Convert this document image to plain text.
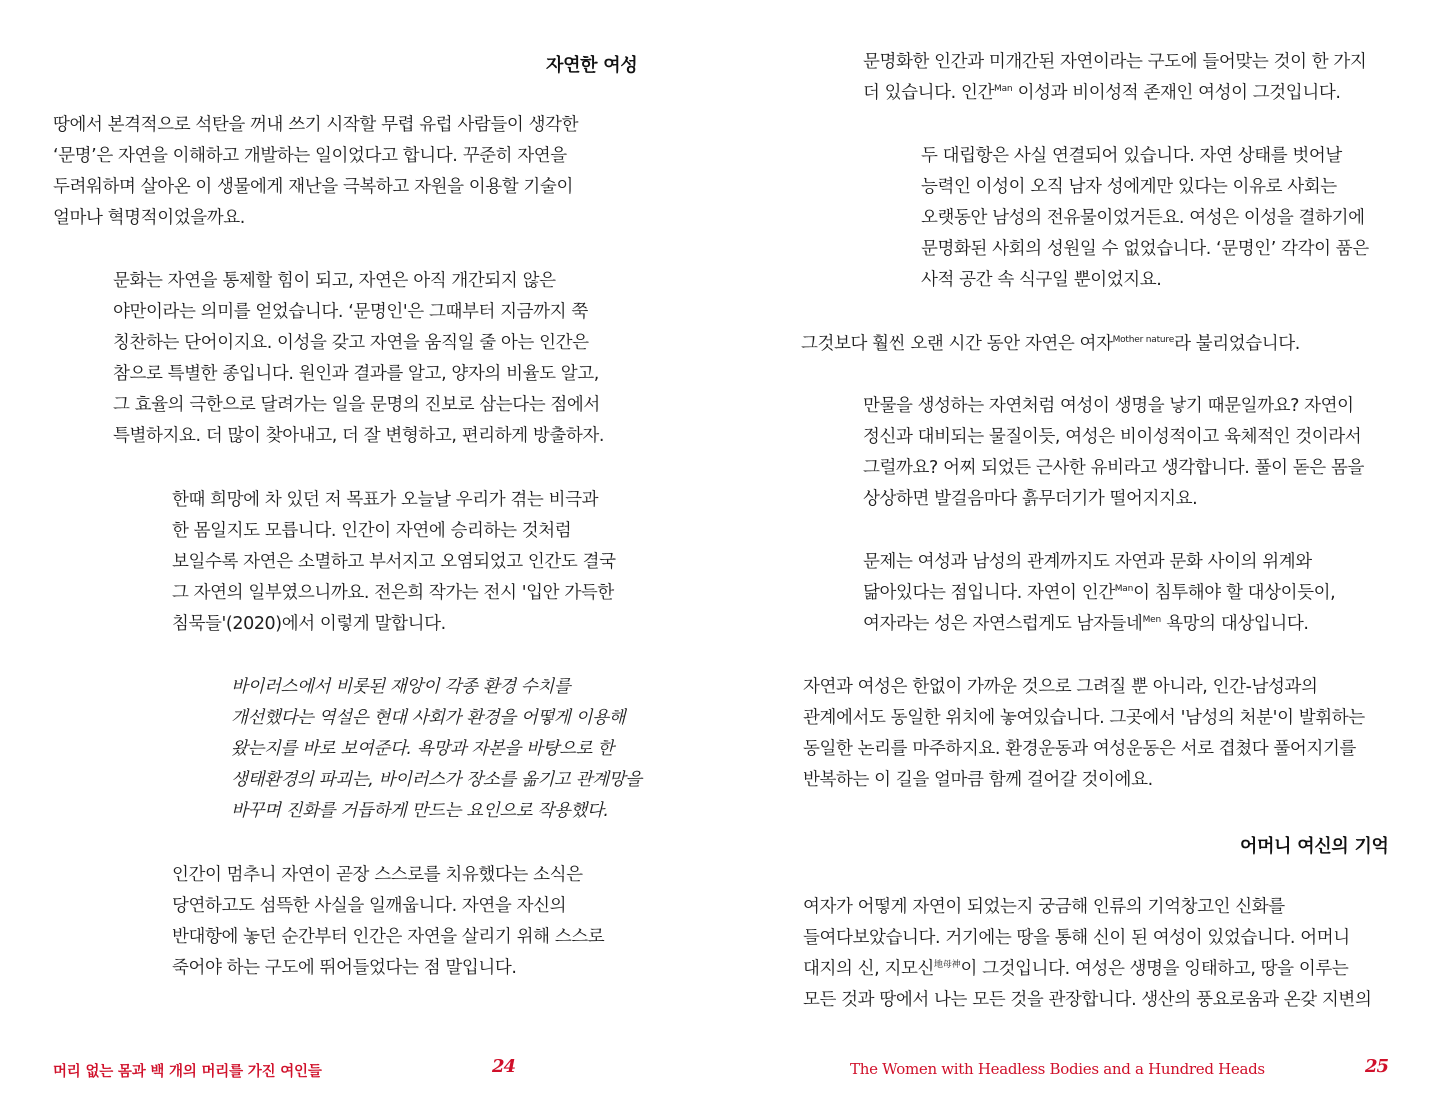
자연한 여성
땅에서 본격적으로 석탄을 꺼내 쓰기 시작할 무렵 유럽 사람들이 생각한
‘문명’은 자연을 이해하고 개발하는 일이었다고 합니다. 꾸준히 자연을
두려워하며 살아온 이 생물에게 재난을 극복하고 자원을 이용할 기술이
얼마나 혁명적이었을까요.
문화는 자연을 통제할 힘이 되고, 자연은 아직 개간되지 않은
야만이라는 의미를 얻었습니다. ‘문명인'은 그때부터 지금까지 쭉
칭찬하는 단어이지요. 이성을 갖고 자연을 움직일 줄 아는 인간은
참으로 특별한 종입니다. 원인과 결과를 알고, 양자의 비율도 알고,
그 효율의 극한으로 달려가는 일을 문명의 진보로 삼는다는 점에서
특별하지요. 더 많이 찾아내고, 더 잘 변형하고, 편리하게 방출하자.
한때 희망에 차 있던 저 목표가 오늘날 우리가 겪는 비극과
한 몸일지도 모릅니다. 인간이 자연에 승리하는 것처럼
보일수록 자연은 소멸하고 부서지고 오염되었고 인간도 결국
그 자연의 일부였으니까요. 전은희 작가는 전시 '입안 가득한
침묵들'(2020)에서 이렇게 말합니다.
바이러스에서 비롯된 재앙이 각종 환경 수치를
개선했다는 역설은 현대 사회가 환경을 어떻게 이용해
왔는지를 바로 보여준다. 욕망과 자본을 바탕으로 한
생태환경의 파괴는, 바이러스가 장소를 옮기고 관계망을
바꾸며 진화를 거듭하게 만드는 요인으로 작용했다.
인간이 멈추니 자연이 곧장 스스로를 치유했다는 소식은
당연하고도 섬뜩한 사실을 일깨웁니다. 자연을 자신의
반대항에 놓던 순간부터 인간은 자연을 살리기 위해 스스로
죽어야 하는 구도에 뛰어들었다는 점 말입니다.
머리 없는 몸과 백 개의 머리를 가진 여인들	24
문명화한 인간과 미개간된 자연이라는 구도에 들어맞는 것이 한 가지
더 있습니다. 인간$^{Man}$ 이성과 비이성적 존재인 여성이 그것입니다.
두 대립항은 사실 연결되어 있습니다. 자연 상태를 벗어날
능력인 이성이 오직 남자 성에게만 있다는 이유로 사회는
오랫동안 남성의 전유물이었거든요. 여성은 이성을 결하기에
문명화된 사회의 성원일 수 없었습니다. ‘문명인’ 각각이 품은
사적 공간 속 식구일 뿐이었지요.
그것보다 훨씬 오랜 시간 동안 자연은 여자$^{Mother nature}$라 불리었습니다.
만물을 생성하는 자연처럼 여성이 생명을 낳기 때문일까요? 자연이
정신과 대비되는 물질이듯, 여성은 비이성적이고 육체적인 것이라서
그럴까요? 어찌 되었든 근사한 유비라고 생각합니다. 풀이 돋은 몸을
상상하면 발걸음마다 흙무더기가 떨어지지요.
문제는 여성과 남성의 관계까지도 자연과 문화 사이의 위계와
닮아있다는 점입니다. 자연이 인간$^{Man}$이 침투해야 할 대상이듯이,
여자라는 성은 자연스럽게도 남자들네$^{Men}$ 욕망의 대상입니다.
자연과 여성은 한없이 가까운 것으로 그려질 뿐 아니라, 인간-남성과의
관계에서도 동일한 위치에 놓여있습니다. 그곳에서 '남성의 처분'이 발휘하는
동일한 논리를 마주하지요. 환경운동과 여성운동은 서로 겹쳤다 풀어지기를
반복하는 이 길을 얼마큼 함께 걸어갈 것이에요.
어머니 여신의 기억
여자가 어떻게 자연이 되었는지 궁금해 인류의 기억창고인 신화를
들여다보았습니다. 거기에는 땅을 통해 신이 된 여성이 있었습니다. 어머니
대지의 신, 지모신$^{地母神}$이 그것입니다. 여성은 생명을 잉태하고, 땅을 이루는
모든 것과 땅에서 나는 모든 것을 관장합니다. 생산의 풍요로움과 온갖 지변의
The Women with Headless Bodies and a Hundred Heads	25
